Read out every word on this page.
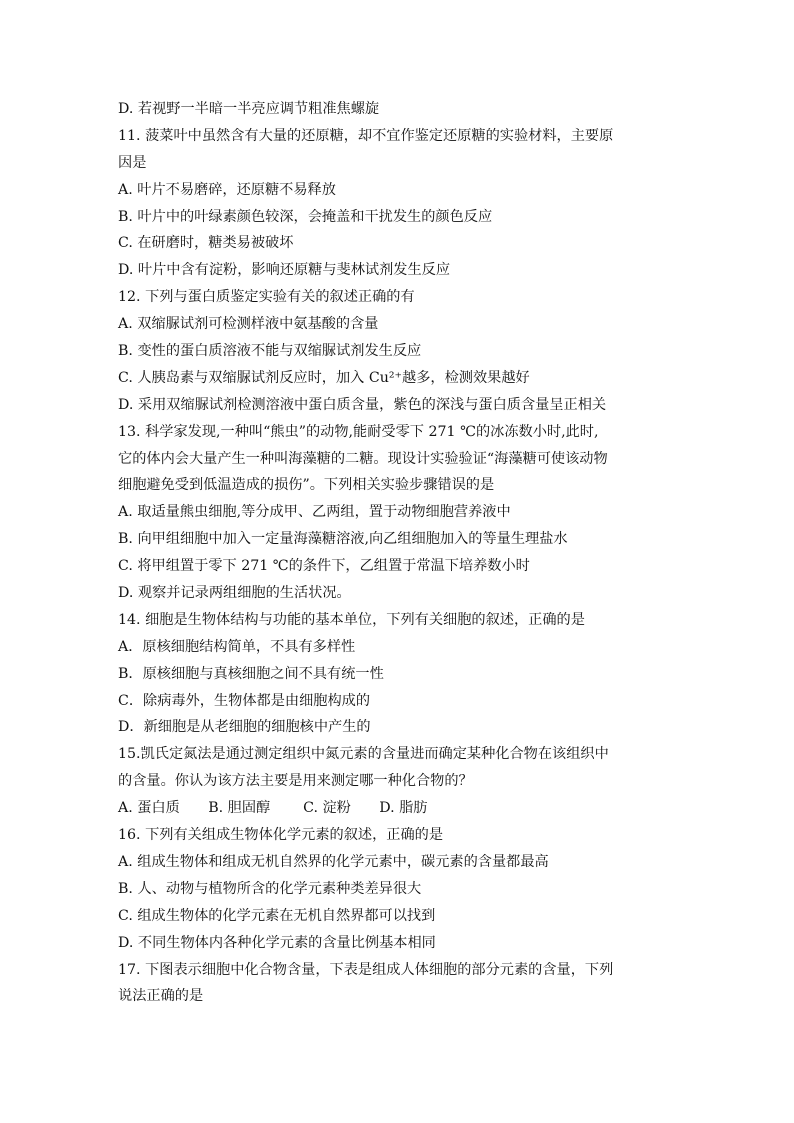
D. 若视野一半暗一半亮应调节粗准焦螺旋
11. 菠菜叶中虽然含有大量的还原糖，却不宜作鉴定还原糖的实验材料，主要原
因是
A. 叶片不易磨碎，还原糖不易释放
B. 叶片中的叶绿素颜色较深，会掩盖和干扰发生的颜色反应
C. 在研磨时，糖类易被破坏
D. 叶片中含有淀粉，影响还原糖与斐林试剂发生反应
12. 下列与蛋白质鉴定实验有关的叙述正确的有
A. 双缩脲试剂可检测样液中氨基酸的含量
B. 变性的蛋白质溶液不能与双缩脲试剂发生反应
C. 人胰岛素与双缩脲试剂反应时，加入 Cu²⁺越多，检测效果越好
D. 采用双缩脲试剂检测溶液中蛋白质含量，紫色的深浅与蛋白质含量呈正相关
13. 科学家发现,一种叫“熊虫”的动物,能耐受零下 271 ℃的冰冻数小时,此时,
它的体内会大量产生一种叫海藻糖的二糖。现设计实验验证“海藻糖可使该动物
细胞避免受到低温造成的损伤”。下列相关实验步骤错误的是
A. 取适量熊虫细胞,等分成甲、乙两组，置于动物细胞营养液中
B. 向甲组细胞中加入一定量海藻糖溶液,向乙组细胞加入的等量生理盐水
C. 将甲组置于零下 271 ℃的条件下，乙组置于常温下培养数小时
D. 观察并记录两组细胞的生活状况。
14. 细胞是生物体结构与功能的基本单位，下列有关细胞的叙述，正确的是
A．原核细胞结构简单，不具有多样性
B．原核细胞与真核细胞之间不具有统一性
C．除病毒外，生物体都是由细胞构成的
D．新细胞是从老细胞的细胞核中产生的
15.凯氏定氮法是通过测定组织中氮元素的含量进而确定某种化合物在该组织中
的含量。你认为该方法主要是用来测定哪一种化合物的？
A. 蛋白质　　B. 胆固醇　　 C. 淀粉　　D. 脂肪
16. 下列有关组成生物体化学元素的叙述，正确的是
A. 组成生物体和组成无机自然界的化学元素中，碳元素的含量都最高
B. 人、动物与植物所含的化学元素种类差异很大
C. 组成生物体的化学元素在无机自然界都可以找到
D. 不同生物体内各种化学元素的含量比例基本相同
17. 下图表示细胞中化合物含量，下表是组成人体细胞的部分元素的含量，下列
说法正确的是
